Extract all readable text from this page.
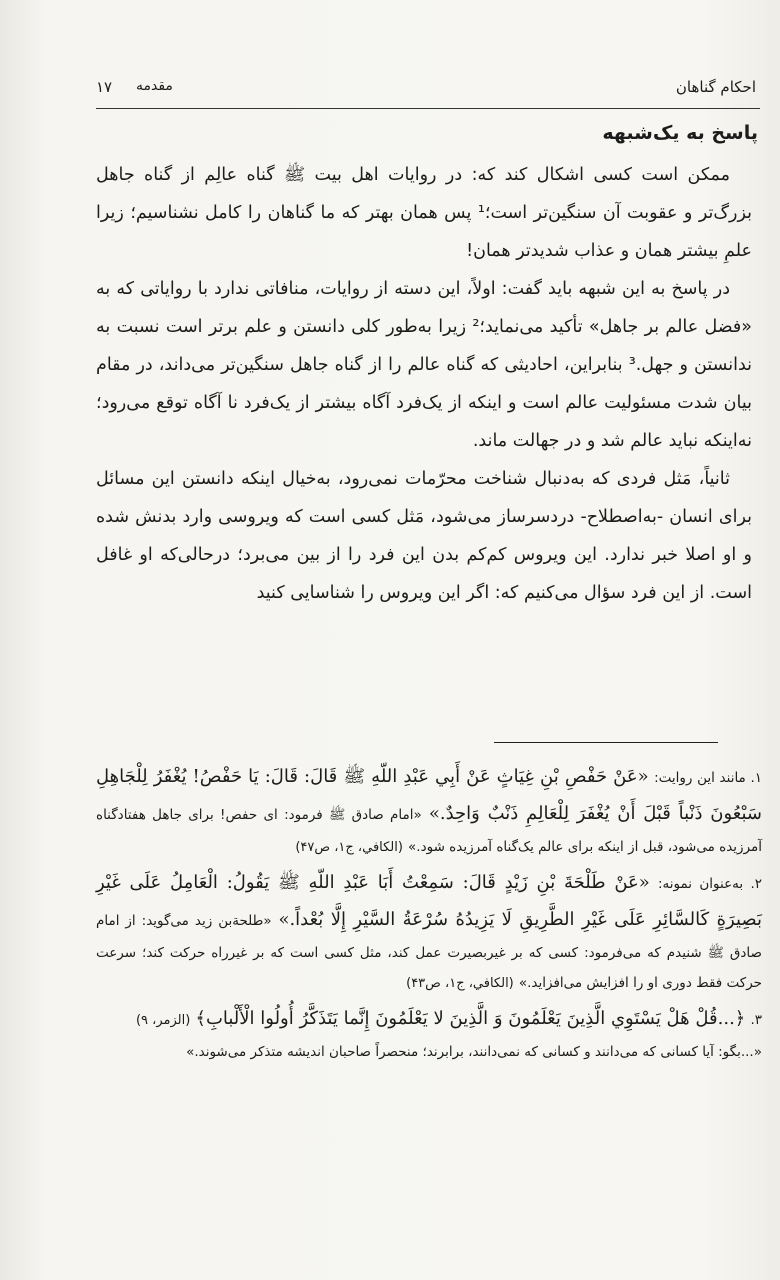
احکام گناهان
مقدمه
۱۷
پاسخ به یک‌شبهه

ممکن است کسی اشکال کند که: در روایات اهل بیت ﷺ گناه عالِم از گناه جاهل بزرگ‌تر و عقوبت آن سنگین‌تر است؛¹ پس همان بهتر که ما گناهان را کامل نشناسیم؛ زیرا علمِ بیشتر همان و عذاب شدیدتر همان!

در پاسخ به این شبهه باید گفت: اولاً، این دسته از روایات، منافاتی ندارد با روایاتی که به «فضل عالم بر جاهل» تأکید می‌نماید؛² زیرا به‌طور کلی دانستن و علم برتر است نسبت به ندانستن و جهل.³ بنابراین، احادیثی که گناه عالم را از گناه جاهل سنگین‌تر می‌داند، در مقام بیان شدت مسئولیت عالم است و اینکه از یک‌فرد آگاه بیشتر از یک‌فرد نا آگاه توقع می‌رود؛ نه‌اینکه نباید عالم شد و در جهالت ماند.

ثانیاً، مَثل فردی که به‌دنبال شناخت محرّمات نمی‌رود، به‌خیال اینکه دانستن این مسائل برای انسان -به‌اصطلاح- دردسرساز می‌شود، مَثل کسی است که ویروسی وارد بدنش شده و او اصلا خبر ندارد. این ویروس کم‌کم بدن این فرد را از بین می‌برد؛ درحالی‌که او غافل است. از این فرد سؤال می‌کنیم که: اگر این ویروس را شناسایی کنید

۱. مانند این روایت: «عَنْ حَفْصِ بْنِ غِيَاثٍ عَنْ أَبِي عَبْدِ اللّهِ ﷺ قَالَ: قَالَ: يَا حَفْصُ! يُغْفَرُ لِلْجَاهِلِ سَبْعُونَ ذَنْباً قَبْلَ أَنْ يُغْفَرَ لِلْعَالِمِ ذَنْبٌ وَاحِدٌ.» «امام صادق ﷺ فرمود: ای حفص! برای جاهل هفتادگناه آمرزیده می‌شود، قبل از اینکه برای عالم یک‌گناه آمرزیده شود.» (الكافي، ج۱، ص۴۷)

۲. به‌عنوان نمونه: «عَنْ طَلْحَةَ بْنِ زَيْدٍ قَالَ: سَمِعْتُ أَبَا عَبْدِ اللّهِ ﷺ يَقُولُ: الْعَامِلُ عَلَى غَيْرِ بَصِيرَةٍ كَالسَّائِرِ عَلَى غَيْرِ الطَّرِيقِ لَا يَزِيدُهُ سُرْعَةُ السَّيْرِ إِلَّا بُعْداً.» «طلحة‌بن زید می‌گوید: از امام صادق ﷺ شنیدم که می‌فرمود: کسی که بر غیربصیرت عمل کند، مثل کسی است که بر غیرراه حرکت کند؛ سرعت حرکت فقط دوری او را افزایش می‌افزاید.» (الكافي، ج۱، ص۴۳)

۳. ﴿...قُلْ هَلْ يَسْتَوِي الَّذِينَ يَعْلَمُونَ وَ الَّذِينَ لا يَعْلَمُونَ إِنَّما يَتَذَكَّرُ أُولُوا الْأَلْبابِ﴾ (الزمر، ۹)

«...بگو: آیا کسانی که می‌دانند و کسانی که نمی‌دانند، برابرند؛ منحصراً صاحبان اندیشه متذکر می‌شوند.»
